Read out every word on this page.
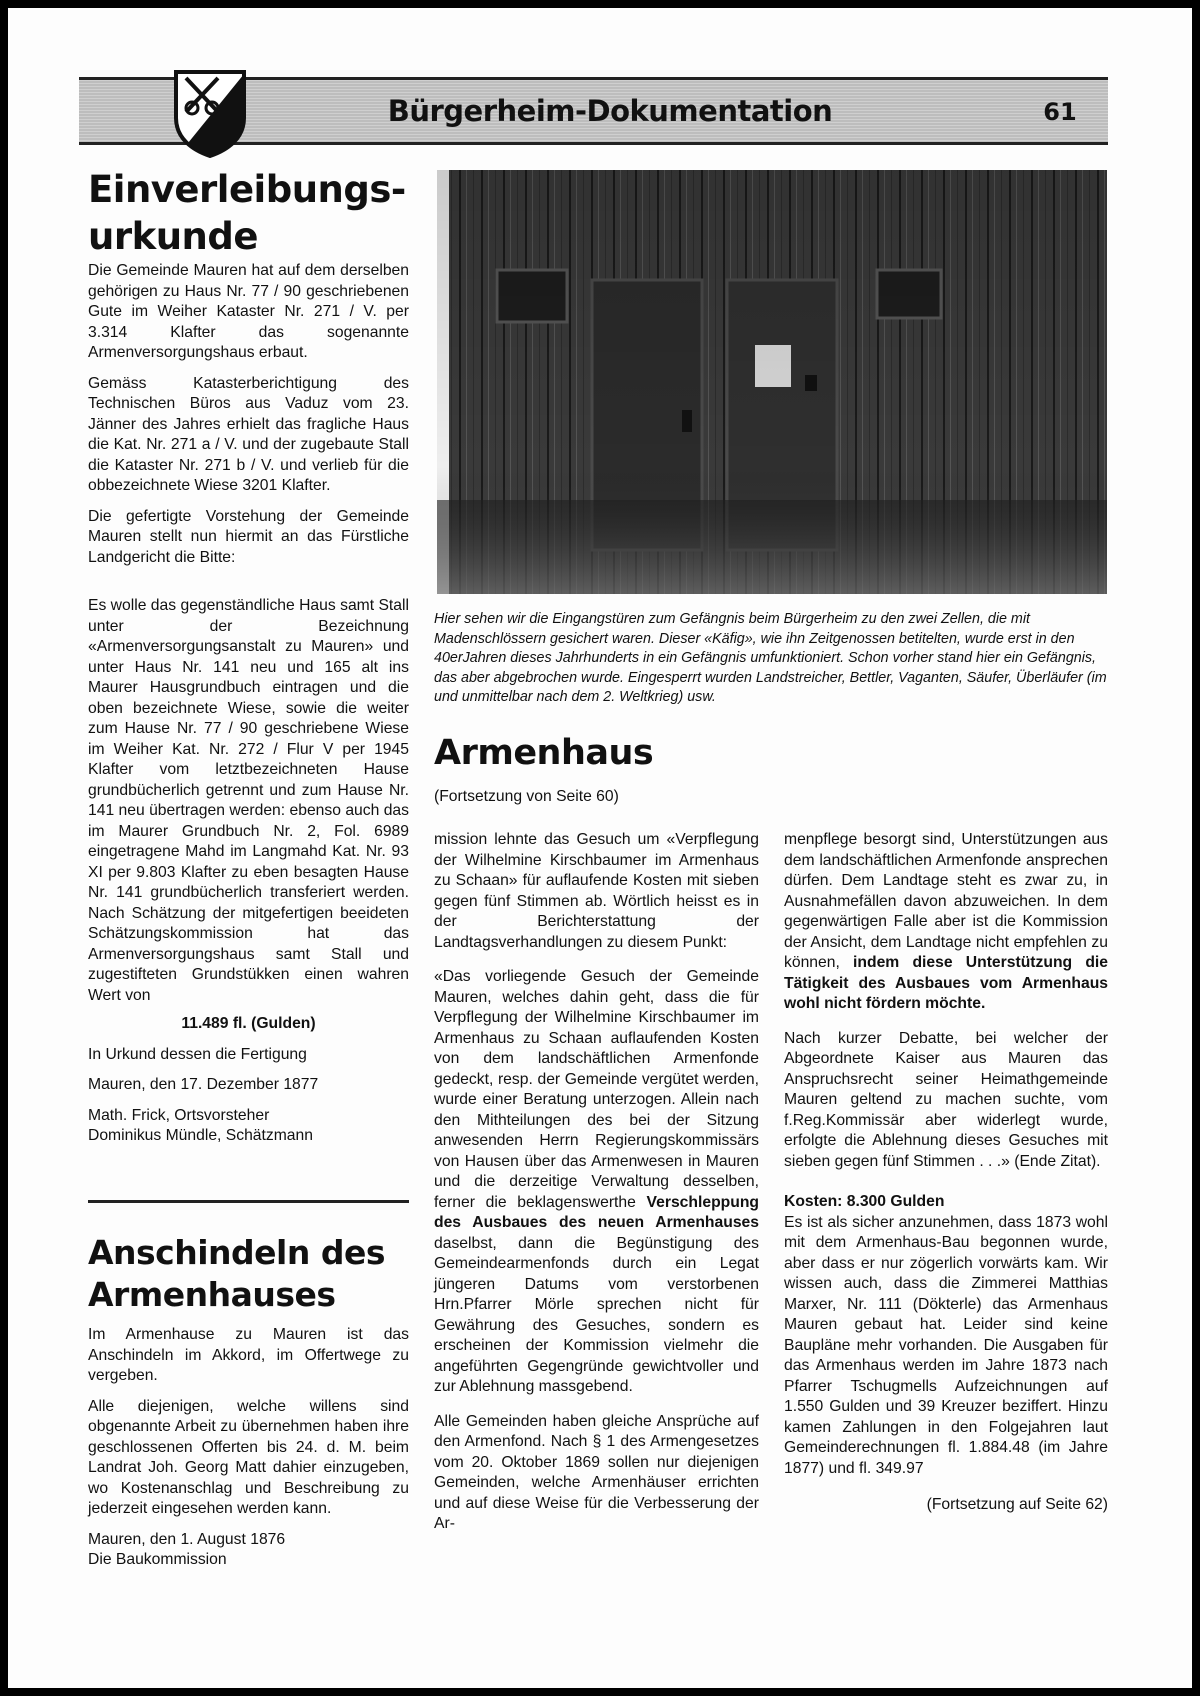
Bürgerheim-Dokumentation	61
Einverleibungs-
urkunde

Die Gemeinde Mauren hat auf dem derselben gehörigen zu Haus Nr. 77 / 90 geschriebenen Gute im Weiher Kataster Nr. 271 / V. per 3.314 Klafter das sogenannte Armenversorgungshaus erbaut.

Gemäss Katasterberichtigung des Technischen Büros aus Vaduz vom 23. Jänner des Jahres erhielt das fragliche Haus die Kat. Nr. 271 a / V. und der zugebaute Stall die Kataster Nr. 271 b / V. und verlieb für die obbezeichnete Wiese 3201 Klafter.

Die gefertigte Vorstehung der Gemeinde Mauren stellt nun hiermit an das Fürstliche Landgericht die Bitte:

Es wolle das gegenständliche Haus samt Stall unter der Bezeichnung «Armenversorgungsanstalt zu Mauren» und unter Haus Nr. 141 neu und 165 alt ins Maurer Hausgrundbuch eintragen und die oben bezeichnete Wiese, sowie die weiter zum Hause Nr. 77 / 90 geschriebene Wiese im Weiher Kat. Nr. 272 / Flur V per 1945 Klafter vom letztbezeichneten Hause grundbücherlich getrennt und zum Hause Nr. 141 neu übertragen werden: ebenso auch das im Maurer Grundbuch Nr. 2, Fol. 6989 eingetragene Mahd im Langmahd Kat. Nr. 93 XI per 9.803 Klafter zu eben besagten Hause Nr. 141 grundbücherlich transferiert werden. Nach Schätzung der mitgefertigen beeideten Schätzungskommission hat das Armenversorgungshaus samt Stall und zugestifteten Grundstükken einen wahren Wert von

11.489 fl. (Gulden)

In Urkund dessen die Fertigung

Mauren, den 17. Dezember 1877

Math. Frick, Ortsvorsteher
Dominikus Mündle, Schätzmann

Anschindeln des
Armenhauses

Im Armenhause zu Mauren ist das Anschindeln im Akkord, im Offertwege zu vergeben.

Alle diejenigen, welche willens sind obgenannte Arbeit zu übernehmen haben ihre geschlossenen Offerten bis 24. d. M. beim Landrat Joh. Georg Matt dahier einzugeben, wo Kostenanschlag und Beschreibung zu jederzeit eingesehen werden kann.

Mauren, den 1. August 1876
Die Baukommission

Hier sehen wir die Eingangstüren zum Gefängnis beim Bürgerheim zu den zwei Zellen, die mit Madenschlössern gesichert waren. Dieser «Käfig», wie ihn Zeitgenossen betitelten, wurde erst in den 40erJahren dieses Jahrhunderts in ein Gefängnis umfunktioniert. Schon vorher stand hier ein Gefängnis, das aber abgebrochen wurde. Eingesperrt wurden Landstreicher, Bettler, Vaganten, Säufer, Überläufer (im und unmittelbar nach dem 2. Weltkrieg) usw.

Armenhaus

(Fortsetzung von Seite 60)

mission lehnte das Gesuch um «Verpflegung der Wilhelmine Kirschbaumer im Armenhaus zu Schaan» für auflaufende Kosten mit sieben gegen fünf Stimmen ab. Wörtlich heisst es in der Berichterstattung der Landtagsverhandlungen zu diesem Punkt:

«Das vorliegende Gesuch der Gemeinde Mauren, welches dahin geht, dass die für Verpflegung der Wilhelmine Kirschbaumer im Armenhaus zu Schaan auflaufenden Kosten von dem landschäftlichen Armenfonde gedeckt, resp. der Gemeinde vergütet werden, wurde einer Beratung unterzogen. Allein nach den Mithteilungen des bei der Sitzung anwesenden Herrn Regierungskommissärs von Hausen über das Armenwesen in Mauren und die derzeitige Verwaltung desselben, ferner die beklagenswerthe Verschleppung des Ausbaues des neuen Armenhauses daselbst, dann die Begünstigung des Gemeindearmenfonds durch ein Legat jüngeren Datums vom verstorbenen Hrn.Pfarrer Mörle sprechen nicht für Gewährung des Gesuches, sondern es erscheinen der Kommission vielmehr die angeführten Gegengründe gewichtvoller und zur Ablehnung massgebend.

Alle Gemeinden haben gleiche Ansprüche auf den Armenfond. Nach § 1 des Armengesetzes vom 20. Oktober 1869 sollen nur diejenigen Gemeinden, welche Armenhäuser errichten und auf diese Weise für die Verbesserung der Ar-

menpflege besorgt sind, Unterstützungen aus dem landschäftlichen Armenfonde ansprechen dürfen. Dem Landtage steht es zwar zu, in Ausnahmefällen davon abzuweichen. In dem gegenwärtigen Falle aber ist die Kommission der Ansicht, dem Landtage nicht empfehlen zu können, indem diese Unterstützung die Tätigkeit des Ausbaues vom Armenhaus wohl nicht fördern möchte.

Nach kurzer Debatte, bei welcher der Abgeordnete Kaiser aus Mauren das Anspruchsrecht seiner Heimathgemeinde Mauren geltend zu machen suchte, vom f.Reg.Kommissär aber widerlegt wurde, erfolgte die Ablehnung dieses Gesuches mit sieben gegen fünf Stimmen . . .» (Ende Zitat).

Kosten: 8.300 Gulden

Es ist als sicher anzunehmen, dass 1873 wohl mit dem Armenhaus-Bau begonnen wurde, aber dass er nur zögerlich vorwärts kam. Wir wissen auch, dass die Zimmerei Matthias Marxer, Nr. 111 (Dökterle) das Armenhaus Mauren gebaut hat. Leider sind keine Baupläne mehr vorhanden. Die Ausgaben für das Armenhaus werden im Jahre 1873 nach Pfarrer Tschugmells Aufzeichnungen auf 1.550 Gulden und 39 Kreuzer beziffert. Hinzu kamen Zahlungen in den Folgejahren laut Gemeinderechnungen fl. 1.884.48 (im Jahre 1877) und fl. 349.97

(Fortsetzung auf Seite 62)
